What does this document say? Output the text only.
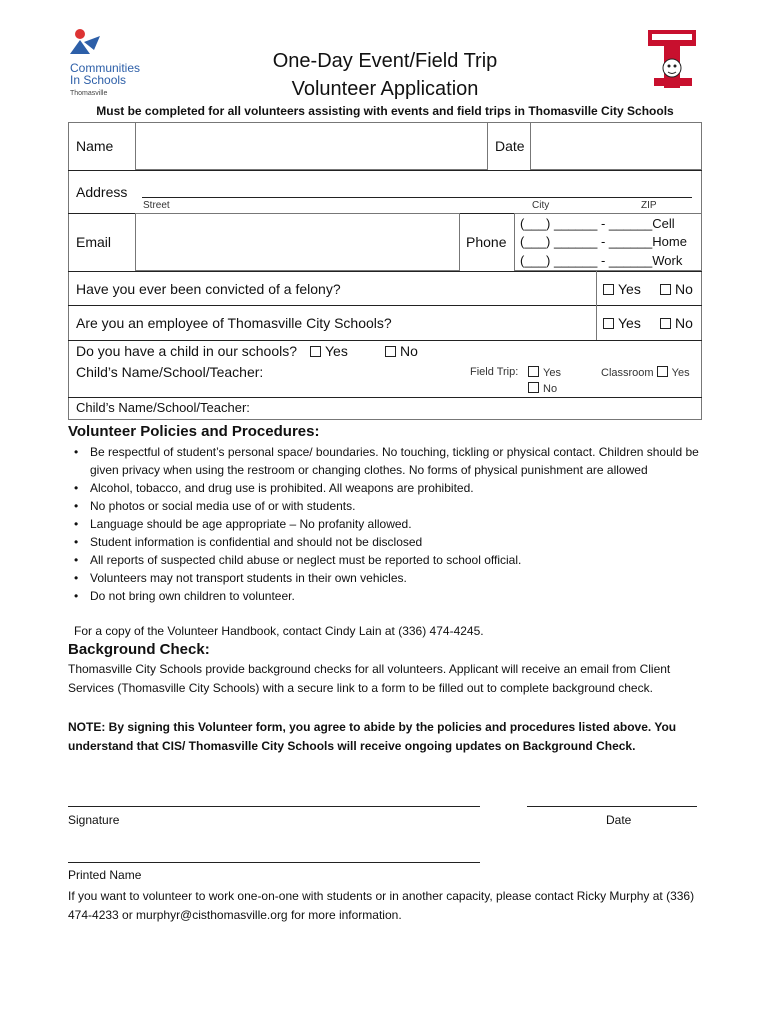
Communities In Schools
Thomasville
One-Day Event/Field Trip
Volunteer Application
Must be completed for all volunteers assisting with events and field trips in Thomasville City Schools
Name	Date
Address
Street	City	ZIP
Email	Phone
(___) ______ - ______Cell
(___) ______ - ______Home
(___) ______ - ______Work
Have you ever been convicted of a felony?	Yes	No
Are you an employee of Thomasville City Schools?	Yes	No
Do you have a child in our schools?	Yes	No
Child’s Name/School/Teacher:	Field Trip:	Yes
No
Classroom Yes
Child’s Name/School/Teacher:
Volunteer Policies and Procedures:
• Be respectful of student’s personal space/ boundaries. No touching, tickling or physical contact. Children should be given privacy when using the restroom or changing clothes. No forms of physical punishment are allowed
• Alcohol, tobacco, and drug use is prohibited. All weapons are prohibited.
• No photos or social media use of or with students.
• Language should be age appropriate – No profanity allowed.
• Student information is confidential and should not be disclosed
• All reports of suspected child abuse or neglect must be reported to school official.
• Volunteers may not transport students in their own vehicles.
• Do not bring own children to volunteer.
For a copy of the Volunteer Handbook, contact Cindy Lain at (336) 474-4245.
Background Check:
Thomasville City Schools provide background checks for all volunteers. Applicant will receive an email from Client Services (Thomasville City Schools) with a secure link to a form to be filled out to complete background check.
NOTE: By signing this Volunteer form, you agree to abide by the policies and procedures listed above. You understand that CIS/ Thomasville City Schools will receive ongoing updates on Background Check.
Signature	Date
Printed Name
If you want to volunteer to work one-on-one with students or in another capacity, please contact Ricky Murphy at (336) 474-4233 or murphyr@cisthomasville.org for more information.
